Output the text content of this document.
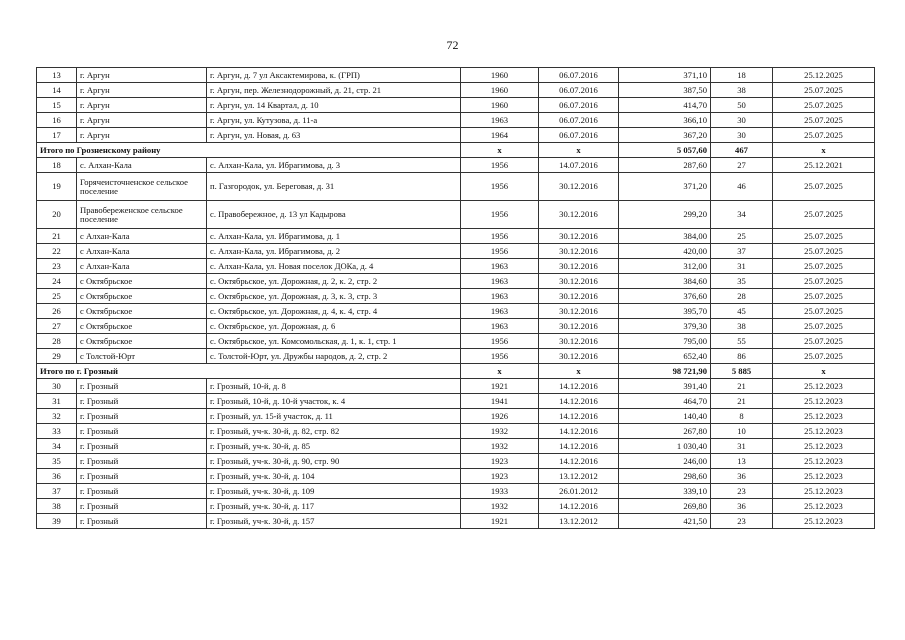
72
13	г. Аргун	г. Аргун, д. 7 ул Аксактемирова, к. (ГРП)	1960	06.07.2016	371,10	18	25.12.2025
14	г. Аргун	г. Аргун, пер. Железнодорожный, д. 21, стр. 21	1960	06.07.2016	387,50	38	25.07.2025
15	г. Аргун	г. Аргун, ул. 14 Квартал, д. 10	1960	06.07.2016	414,70	50	25.07.2025
16	г. Аргун	г. Аргун, ул. Кутузова, д. 11-а	1963	06.07.2016	366,10	30	25.07.2025
17	г. Аргун	г. Аргун, ул. Новая, д. 63	1964	06.07.2016	367,20	30	25.07.2025
Итого по Грозненскому району			х	х	5 057,60	467	х
18	с. Алхан-Кала	с. Алхан-Кала, ул. Ибрагимова, д. 3	1956	14.07.2016	287,60	27	25.12.2021
19	Горячеисточненское сельское поселение	п. Газгородок, ул. Береговая, д. 31	1956	30.12.2016	371,20	46	25.07.2025
20	Правобереженское сельское поселение	с. Правобережное, д. 13 ул Кадырова	1956	30.12.2016	299,20	34	25.07.2025
21	с Алхан-Кала	с. Алхан-Кала, ул. Ибрагимова, д. 1	1956	30.12.2016	384,00	25	25.07.2025
22	с Алхан-Кала	с. Алхан-Кала, ул. Ибрагимова, д. 2	1956	30.12.2016	420,00	37	25.07.2025
23	с Алхан-Кала	с. Алхан-Кала, ул. Новая поселок ДОКа, д. 4	1963	30.12.2016	312,00	31	25.07.2025
24	с Октябрьское	с. Октябрьское, ул. Дорожная, д. 2, к. 2, стр. 2	1963	30.12.2016	384,60	35	25.07.2025
25	с Октябрьское	с. Октябрьское, ул. Дорожная, д. 3, к. 3, стр. 3	1963	30.12.2016	376,60	28	25.07.2025
26	с Октябрьское	с. Октябрьское, ул. Дорожная, д. 4, к. 4, стр. 4	1963	30.12.2016	395,70	45	25.07.2025
27	с Октябрьское	с. Октябрьское, ул. Дорожная, д. 6	1963	30.12.2016	379,30	38	25.07.2025
28	с Октябрьское	с. Октябрьское, ул. Комсомольская, д. 1, к. 1, стр. 1	1956	30.12.2016	795,00	55	25.07.2025
29	с Толстой-Юрт	с. Толстой-Юрт, ул. Дружбы народов, д. 2, стр. 2	1956	30.12.2016	652,40	86	25.07.2025
Итого по г. Грозный			х	х	98 721,90	5 885	х
30	г. Грозный	г. Грозный, 10-й, д. 8	1921	14.12.2016	391,40	21	25.12.2023
31	г. Грозный	г. Грозный, 10-й, д. 10-й участок, к. 4	1941	14.12.2016	464,70	21	25.12.2023
32	г. Грозный	г. Грозный, ул. 15-й участок, д. 11	1926	14.12.2016	140,40	8	25.12.2023
33	г. Грозный	г. Грозный, уч-к. 30-й, д. 82, стр. 82	1932	14.12.2016	267,80	10	25.12.2023
34	г. Грозный	г. Грозный, уч-к. 30-й, д. 85	1932	14.12.2016	1 030,40	31	25.12.2023
35	г. Грозный	г. Грозный, уч-к. 30-й, д. 90, стр. 90	1923	14.12.2016	246,00	13	25.12.2023
36	г. Грозный	г. Грозный, уч-к. 30-й, д. 104	1923	13.12.2012	298,60	36	25.12.2023
37	г. Грозный	г. Грозный, уч-к. 30-й, д. 109	1933	26.01.2012	339,10	23	25.12.2023
38	г. Грозный	г. Грозный, уч-к. 30-й, д. 117	1932	14.12.2016	269,80	36	25.12.2023
39	г. Грозный	г. Грозный, уч-к. 30-й, д. 157	1921	13.12.2012	421,50	23	25.12.2023
